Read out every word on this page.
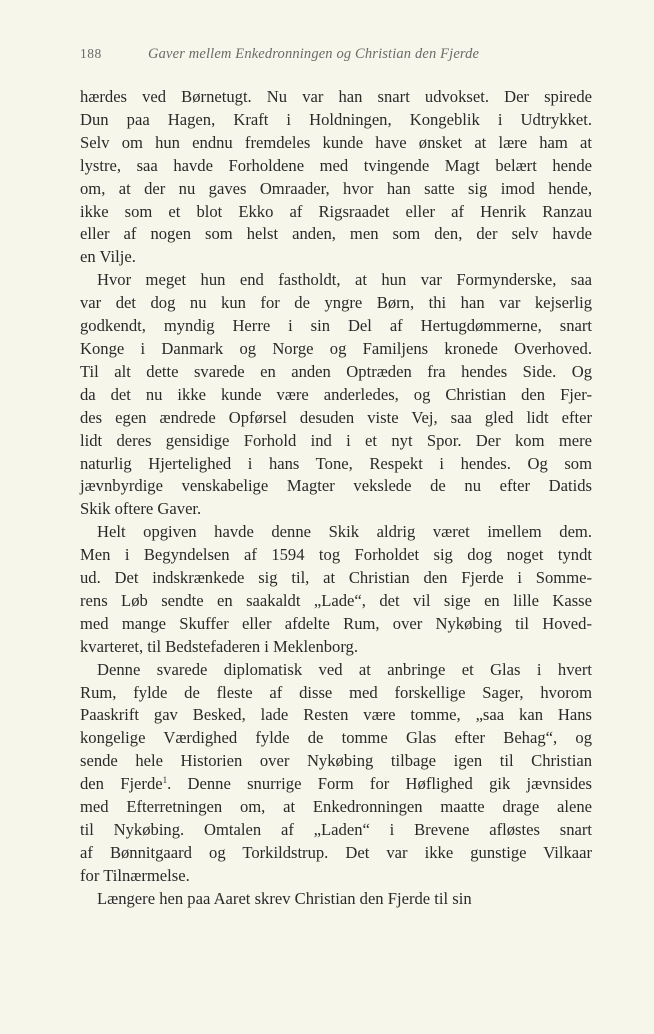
188	Gaver mellem Enkedronningen og Christian den Fjerde
hærdes ved Børnetugt. Nu var han snart udvokset. Der spirede
Dun paa Hagen, Kraft i Holdningen, Kongeblik i Udtrykket.
Selv om hun endnu fremdeles kunde have ønsket at lære ham at
lystre, saa havde Forholdene med tvingende Magt belært hende
om, at der nu gaves Omraader, hvor han satte sig imod hende,
ikke som et blot Ekko af Rigsraadet eller af Henrik Ranzau
eller af nogen som helst anden, men som den, der selv havde
en Vilje.
Hvor meget hun end fastholdt, at hun var Formynderske, saa
var det dog nu kun for de yngre Børn, thi han var kejserlig
godkendt, myndig Herre i sin Del af Hertugdømmerne, snart
Konge i Danmark og Norge og Familjens kronede Overhoved.
Til alt dette svarede en anden Optræden fra hendes Side. Og
da det nu ikke kunde være anderledes, og Christian den Fjer-
des egen ændrede Opførsel desuden viste Vej, saa gled lidt efter
lidt deres gensidige Forhold ind i et nyt Spor. Der kom mere
naturlig Hjertelighed i hans Tone, Respekt i hendes. Og som
jævnbyrdige venskabelige Magter vekslede de nu efter Datids
Skik oftere Gaver.
Helt opgiven havde denne Skik aldrig været imellem dem.
Men i Begyndelsen af 1594 tog Forholdet sig dog noget tyndt
ud. Det indskrænkede sig til, at Christian den Fjerde i Somme-
rens Løb sendte en saakaldt „Lade“, det vil sige en lille Kasse
med mange Skuffer eller afdelte Rum, over Nykøbing til Hoved-
kvarteret, til Bedstefaderen i Meklenborg.
Denne svarede diplomatisk ved at anbringe et Glas i hvert
Rum, fylde de fleste af disse med forskellige Sager, hvorom
Paaskrift gav Besked, lade Resten være tomme, „saa kan Hans
kongelige Værdighed fylde de tomme Glas efter Behag“, og
sende hele Historien over Nykøbing tilbage igen til Christian
den Fjerde$^1$. Denne snurrige Form for Høflighed gik jævnsides
med Efterretningen om, at Enkedronningen maatte drage alene
til Nykøbing. Omtalen af „Laden“ i Brevene afløstes snart
af Bønnitgaard og Torkildstrup. Det var ikke gunstige Vilkaar
for Tilnærmelse.
Længere hen paa Aaret skrev Christian den Fjerde til sin
